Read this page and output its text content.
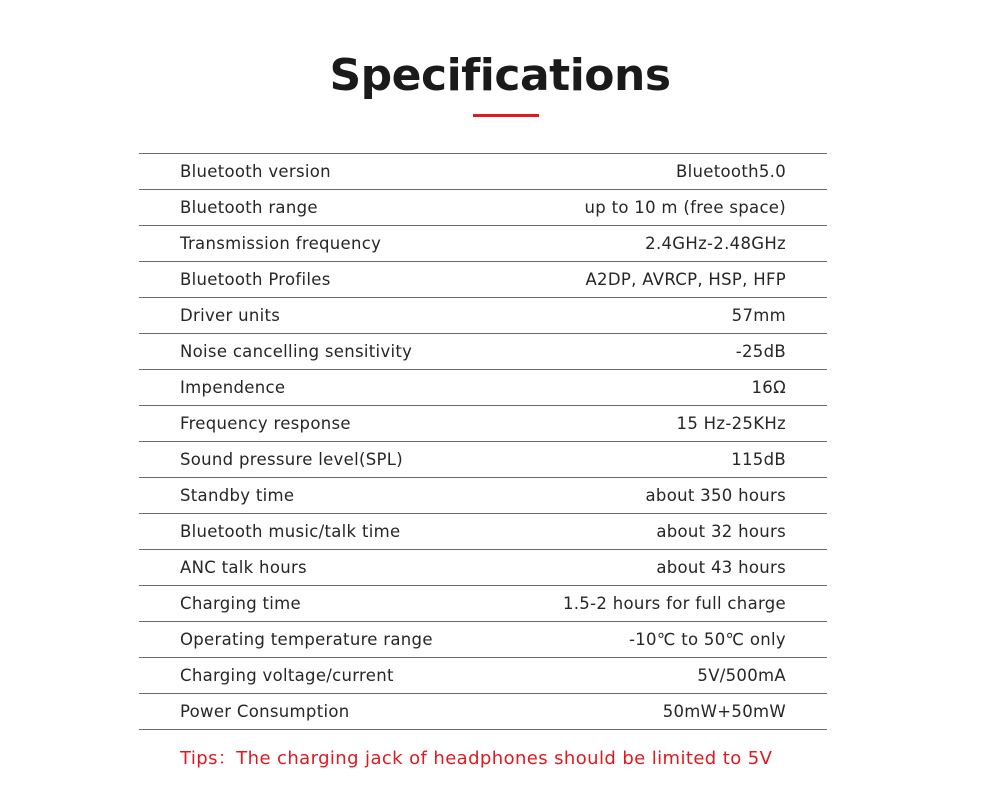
Specifications
Bluetooth version	Bluetooth5.0
Bluetooth range	up to 10 m (free space)
Transmission frequency	2.4GHz-2.48GHz
Bluetooth Profiles	A2DP, AVRCP, HSP, HFP
Driver units	57mm
Noise cancelling sensitivity	-25dB
Impendence	16Ω
Frequency response	15 Hz-25KHz
Sound pressure level(SPL)	115dB
Standby time	about 350 hours
Bluetooth music/talk time	about 32 hours
ANC talk hours	about 43 hours
Charging time	1.5-2 hours for full charge
Operating temperature range	-10℃ to 50℃ only
Charging voltage/current	5V/500mA
Power Consumption	50mW+50mW
Tips：The charging jack of headphones should be limited to 5V
